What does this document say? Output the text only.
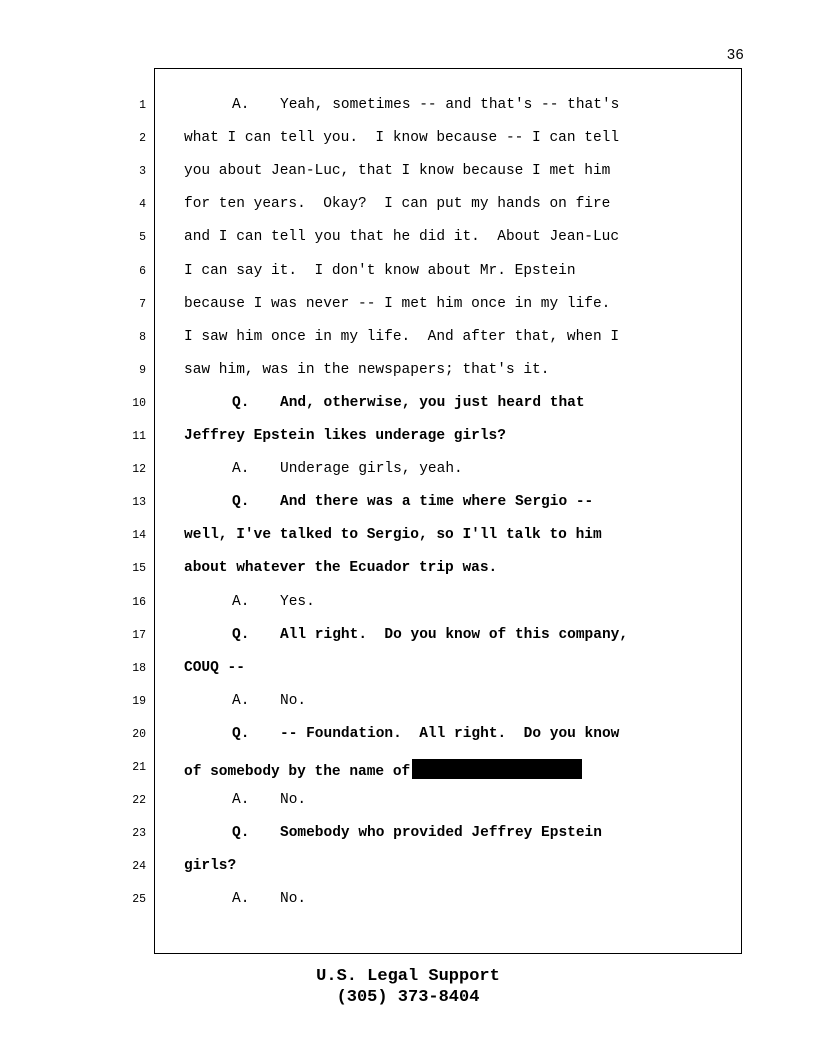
36
1	A. Yeah, sometimes -- and that's -- that's
2	what I can tell you.  I know because -- I can tell
3	you about Jean-Luc, that I know because I met him
4	for ten years.  Okay?  I can put my hands on fire
5	and I can tell you that he did it.  About Jean-Luc
6	I can say it.  I don't know about Mr. Epstein
7	because I was never -- I met him once in my life.
8	I saw him once in my life.  And after that, when I
9	saw him, was in the newspapers; that's it.
10	Q. And, otherwise, you just heard that
11	Jeffrey Epstein likes underage girls?
12	A. Underage girls, yeah.
13	Q. And there was a time where Sergio --
14	well, I've talked to Sergio, so I'll talk to him
15	about whatever the Ecuador trip was.
16	A. Yes.
17	Q. All right.  Do you know of this company,
18	COUQ --
19	A. No.
20	Q. -- Foundation.  All right.  Do you know
21	of somebody by the name of
22	A. No.
23	Q. Somebody who provided Jeffrey Epstein
24	girls?
25	A. No.
U.S. Legal Support
(305) 373-8404
